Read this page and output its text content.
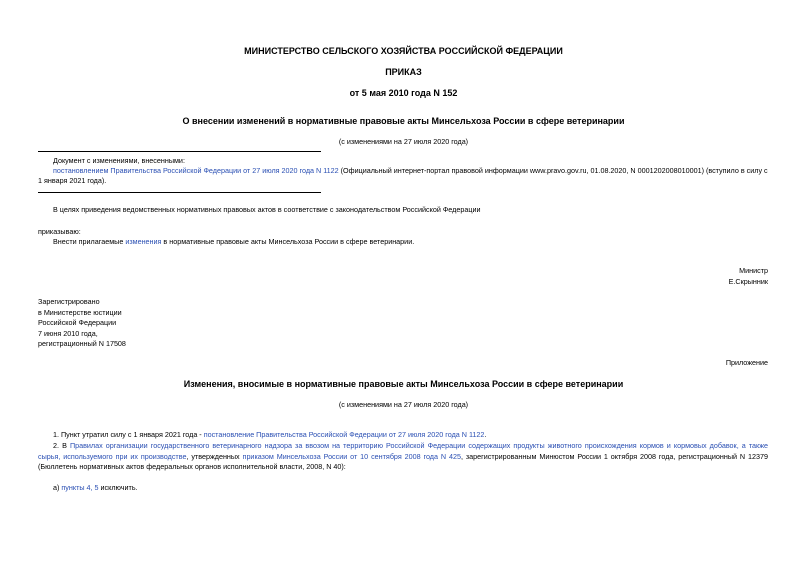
МИНИСТЕРСТВО СЕЛЬСКОГО ХОЗЯЙСТВА РОССИЙСКОЙ ФЕДЕРАЦИИ
ПРИКАЗ
от 5 мая 2010 года N 152
О внесении изменений в нормативные правовые акты Минсельхоза России в сфере ветеринарии
(с изменениями на 27 июля 2020 года)
Документ с изменениями, внесенными:
постановлением Правительства Российской Федерации от 27 июля 2020 года N 1122 (Официальный интернет-портал правовой информации www.pravo.gov.ru, 01.08.2020, N 0001202008010001) (вступило в силу с
1 января 2021 года).
В целях приведения ведомственных нормативных правовых актов в соответствие с законодательством Российской Федерации
приказываю:
Внести прилагаемые изменения в нормативные правовые акты Минсельхоза России в сфере ветеринарии.
Министр
Е.Скрынник
Зарегистрировано
в Министерстве юстиции
Российской Федерации
7 июня 2010 года,
регистрационный N 17508
Приложение
Изменения, вносимые в нормативные правовые акты Минсельхоза России в сфере ветеринарии
(с изменениями на 27 июля 2020 года)
1. Пункт утратил силу с 1 января 2021 года - постановление Правительства Российской Федерации от 27 июля 2020 года N 1122.
2. В Правилах организации государственного ветеринарного надзора за ввозом на территорию Российской Федерации содержащих продукты животного происхождения кормов и кормовых добавок, а также сырья, используемого при их производстве, утвержденных приказом Минсельхоза России от 10 сентября 2008 года N 425, зарегистрированным Минюстом России 1 октября 2008 года, регистрационный N 12379 (Бюллетень нормативных актов федеральных органов исполнительной власти, 2008, N 40):
а) пункты 4, 5 исключить.
